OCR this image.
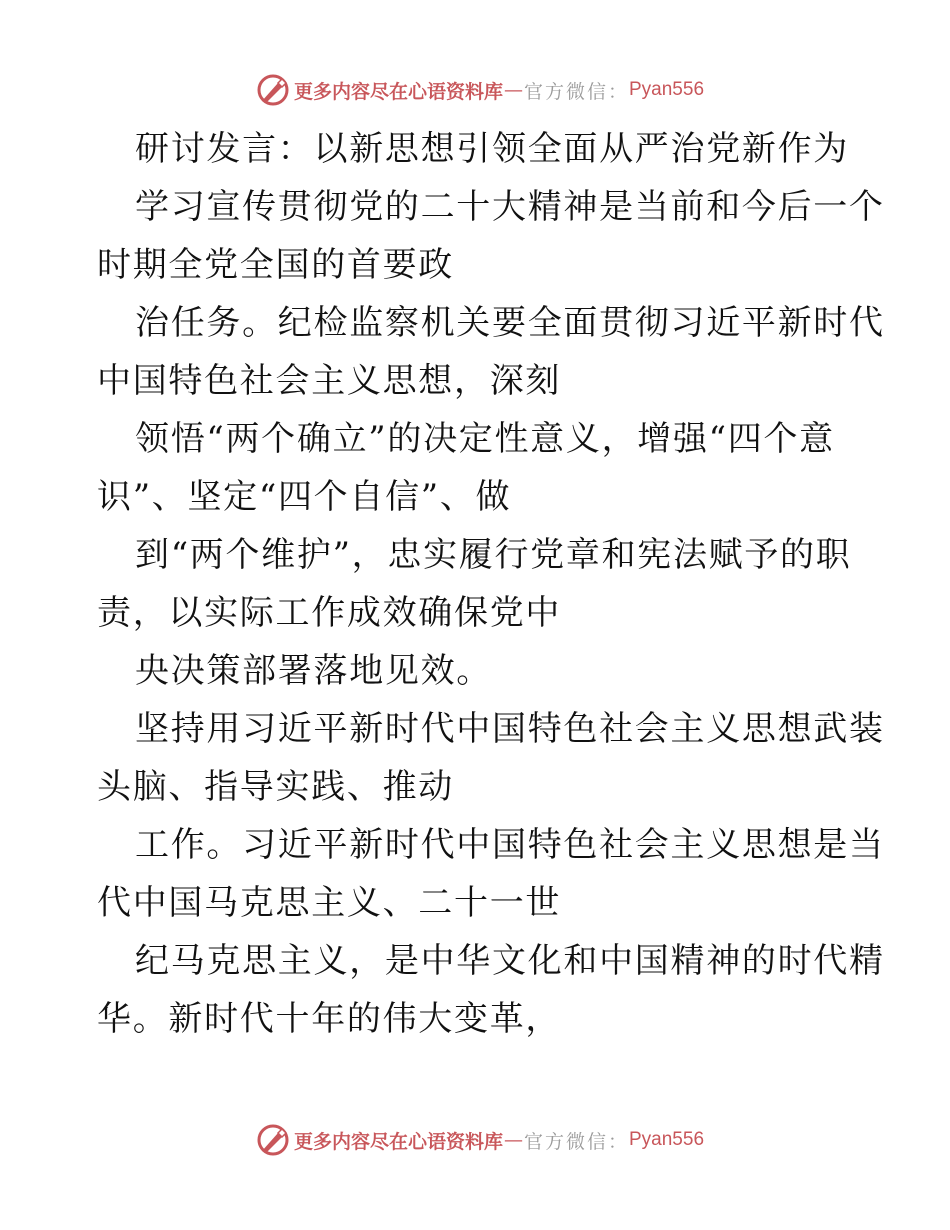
更多内容尽在心语资料库 — 官方微信： Pyan556
研讨发言：以新思想引领全面从严治党新作为
学习宣传贯彻党的二十大精神是当前和今后一个
时期全党全国的首要政
治任务。纪检监察机关要全面贯彻习近平新时代
中国特色社会主义思想，深刻
领悟“两个确立”的决定性意义，增强“四个意
识”、坚定“四个自信”、做
到“两个维护”，忠实履行党章和宪法赋予的职
责，以实际工作成效确保党中
央决策部署落地见效。
坚持用习近平新时代中国特色社会主义思想武装
头脑、指导实践、推动
工作。习近平新时代中国特色社会主义思想是当
代中国马克思主义、二十一世
纪马克思主义，是中华文化和中国精神的时代精
华。新时代十年的伟大变革，
更多内容尽在心语资料库 — 官方微信： Pyan556
